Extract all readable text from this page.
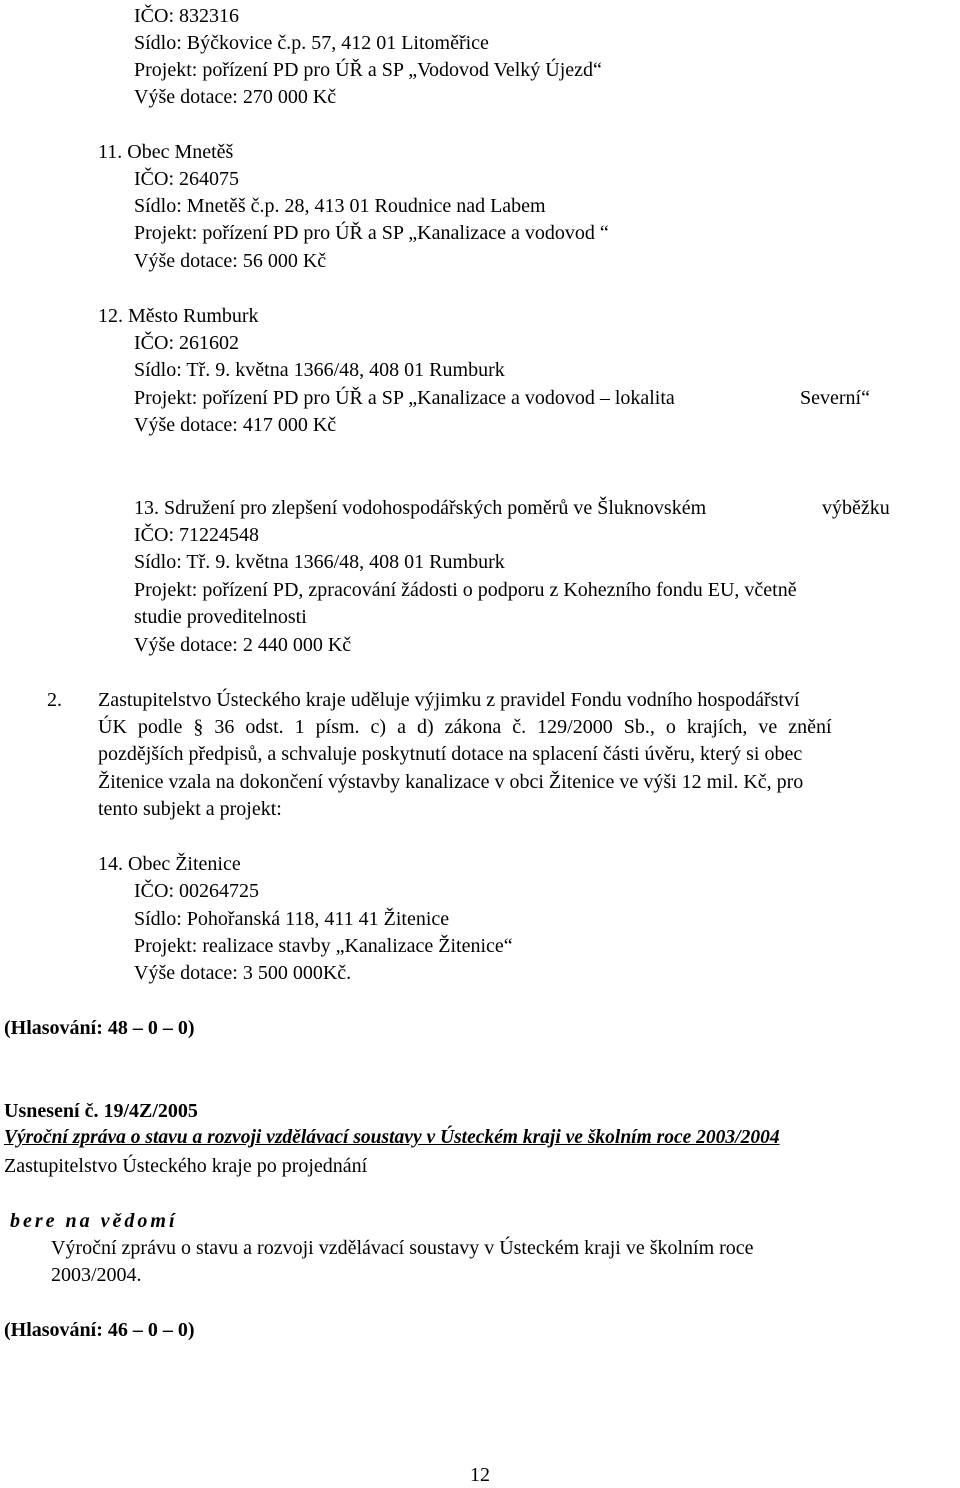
IČO: 832316
Sídlo: Býčkovice č.p. 57, 412 01 Litoměřice
Projekt: pořízení PD pro ÚŘ a SP „Vodovod Velký Újezd“
Výše dotace: 270 000 Kč
11. Obec Mnetěš
IČO: 264075
Sídlo: Mnetěš č.p. 28, 413 01 Roudnice nad Labem
Projekt: pořízení PD pro ÚŘ a SP „Kanalizace a vodovod “
Výše dotace: 56 000 Kč
12. Město Rumburk
IČO: 261602
Sídlo: Tř. 9. května 1366/48, 408 01 Rumburk
Projekt: pořízení PD pro ÚŘ a SP „Kanalizace a vodovod – lokalita	Severní“
Výše dotace: 417 000 Kč
13. Sdružení pro zlepšení vodohospodářských poměrů ve Šluknovském	výběžku
IČO: 71224548
Sídlo: Tř. 9. května 1366/48, 408 01 Rumburk
Projekt: pořízení PD, zpracování žádosti o podporu z Kohezního fondu EU, včetně
studie proveditelnosti
Výše dotace: 2 440 000 Kč
2. Zastupitelstvo Ústeckého kraje uděluje výjimku z pravidel Fondu vodního hospodářství
ÚK podle § 36 odst. 1 písm. c) a d) zákona č. 129/2000 Sb., o krajích, ve znění
pozdějších předpisů, a schvaluje poskytnutí dotace na splacení části úvěru, který si obec
Žitenice vzala na dokončení výstavby kanalizace v obci Žitenice ve výši 12 mil. Kč, pro
tento subjekt a projekt:
14. Obec Žitenice
IČO: 00264725
Sídlo: Pohořanská 118, 411 41 Žitenice
Projekt: realizace stavby „Kanalizace Žitenice“
Výše dotace: 3 500 000Kč.
(Hlasování: 48 – 0 – 0)
Usnesení č. 19/4Z/2005
Výroční zpráva o stavu a rozvoji vzdělávací soustavy v Ústeckém kraji ve školním roce 2003/2004
Zastupitelstvo Ústeckého kraje po projednání
bere na vědomí
Výroční zprávu o stavu a rozvoji vzdělávací soustavy v Ústeckém kraji ve školním roce
2003/2004.
(Hlasování: 46 – 0 – 0)
12
